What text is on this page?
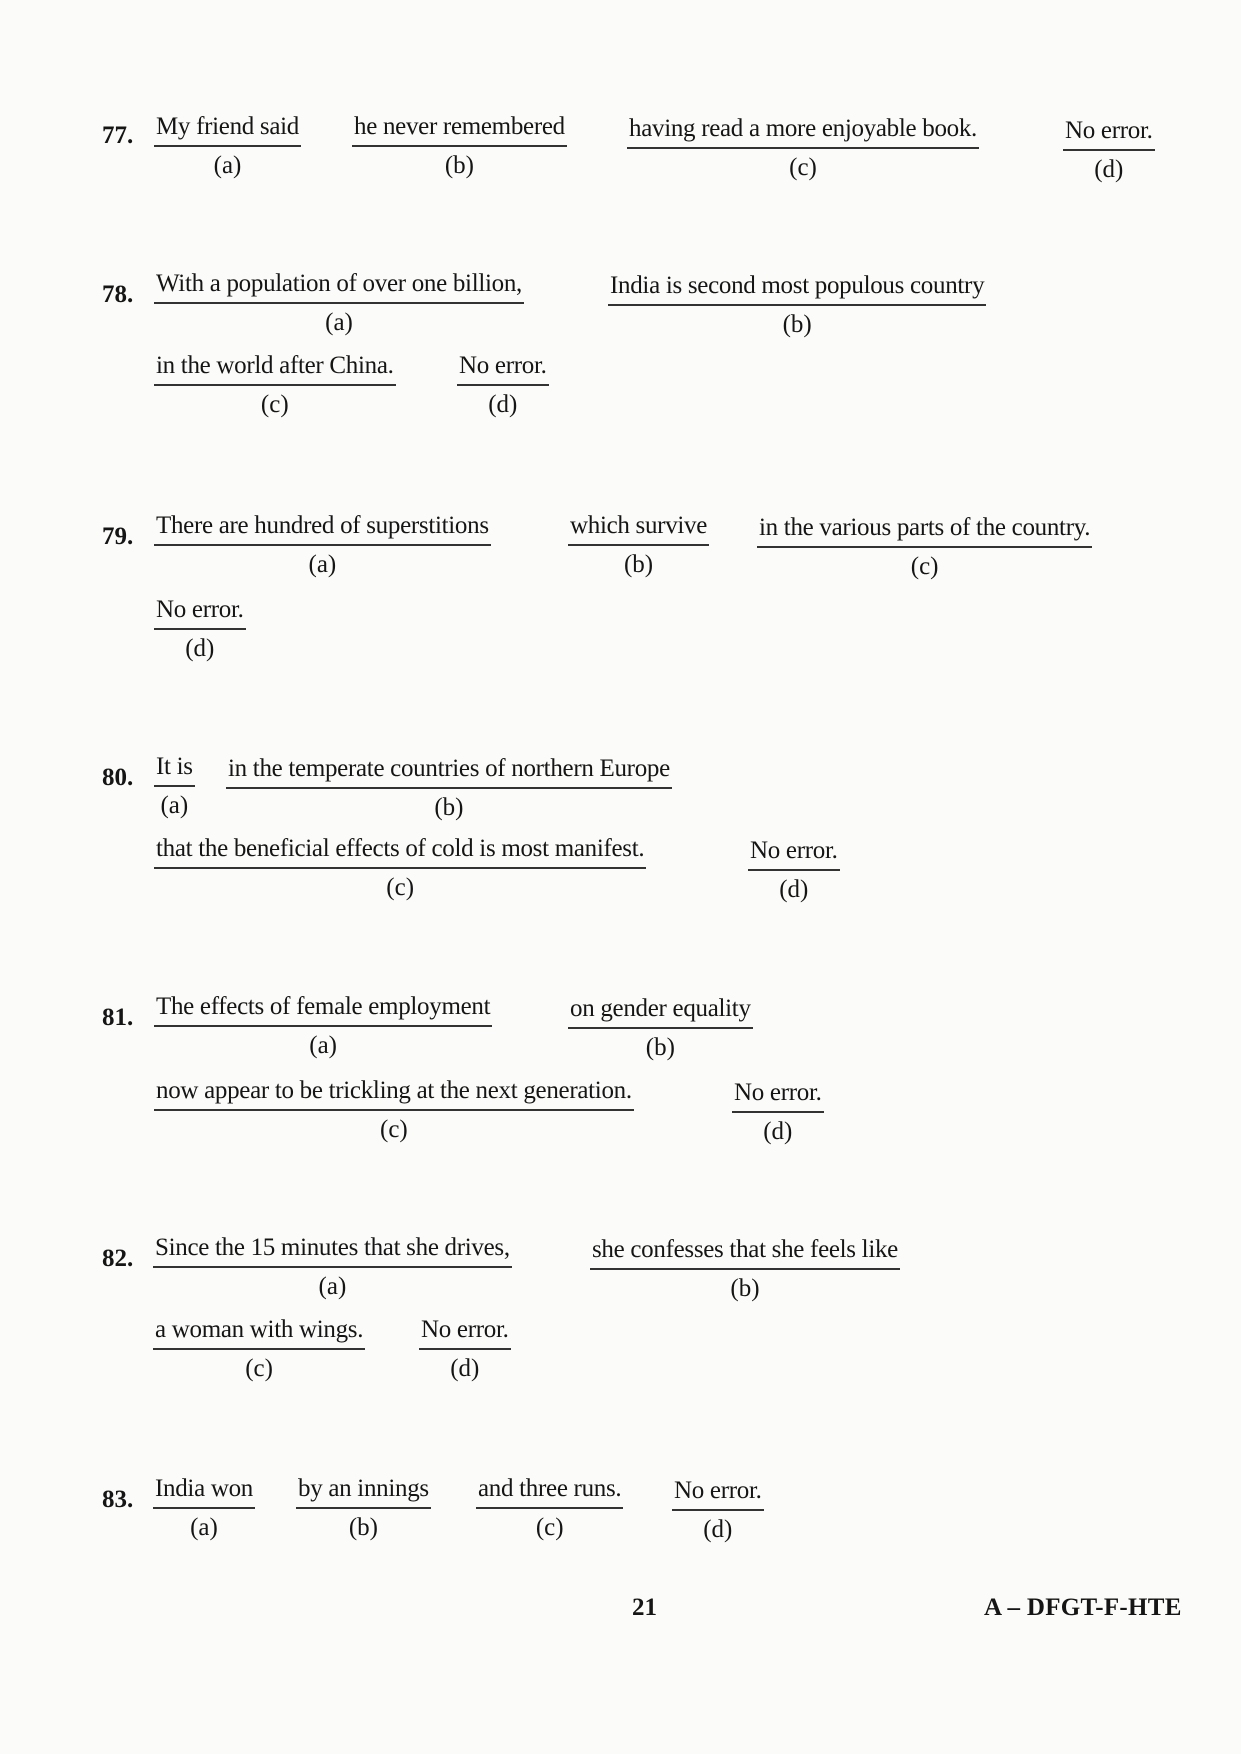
77. My friend said
(a)
he never remembered
(b)
having read a more enjoyable book.
(c)
No error.
(d)
78. With a population of over one billion,
(a)
India is second most populous country
(b)
in the world after China.
(c)
No error.
(d)
79. There are hundred of superstitions
(a)
which survive
(b)
in the various parts of the country.
(c)
No error.
(d)
80. It is
(a)
in the temperate countries of northern Europe
(b)
that the beneficial effects of cold is most manifest.
(c)
No error.
(d)
81. The effects of female employment
(a)
on gender equality
(b)
now appear to be trickling at the next generation.
(c)
No error.
(d)
82. Since the 15 minutes that she drives,
(a)
she confesses that she feels like
(b)
a woman with wings.
(c)
No error.
(d)
83. India won
(a)
by an innings
(b)
and three runs.
(c)
No error.
(d)
21	A – DFGT-F-HTE
